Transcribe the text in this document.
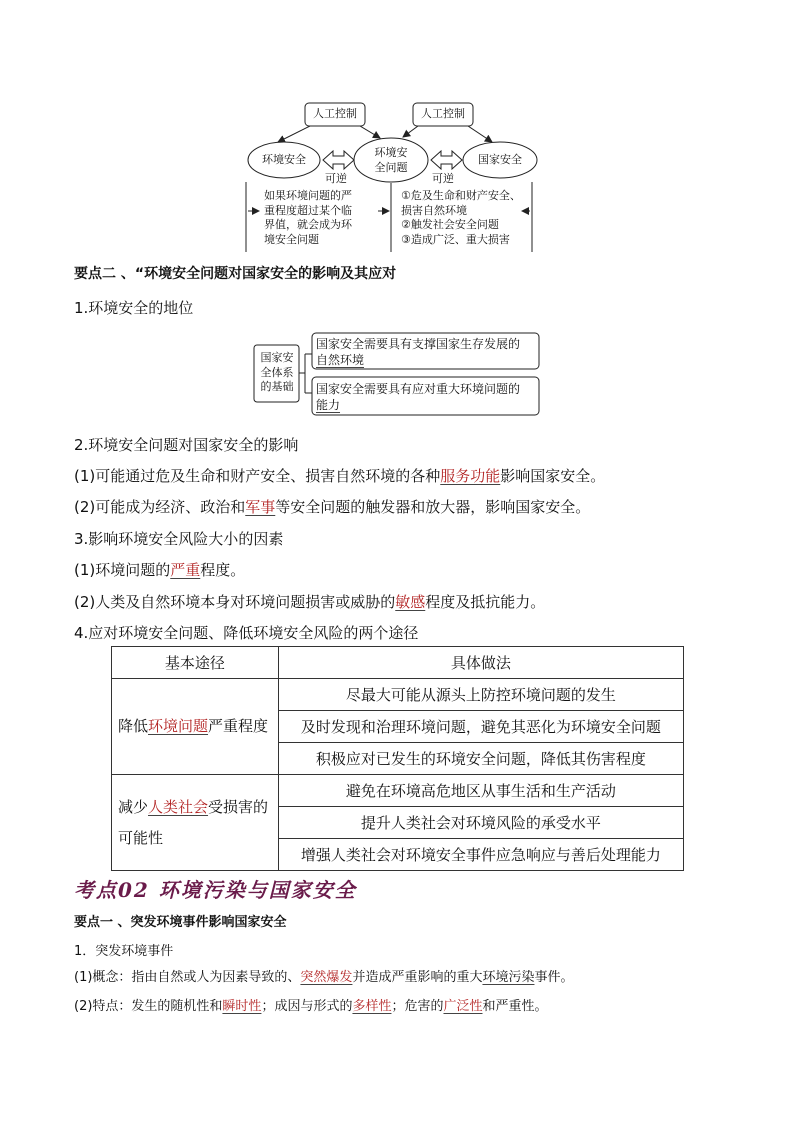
人工控制	人工控制
环境安全
环境安
全问题
国家安全
可逆	可逆
如果环境问题的严
重程度超过某个临
界值，就会成为环
境安全问题
①危及生命和财产安全、
损害自然环境
②触发社会安全问题
③造成广泛、重大损害
要点二 、“环境安全问题对国家安全的影响及其应对
1.环境安全的地位
国家安
全体系
的基础
国家安全需要具有支撑国家生存发展的
自然环境
国家安全需要具有应对重大环境问题的
能力
2.环境安全问题对国家安全的影响
(1)可能通过危及生命和财产安全、损害自然环境的各种服务功能影响国家安全。
(2)可能成为经济、政治和军事等安全问题的触发器和放大器，影响国家安全。
3.影响环境安全风险大小的因素
(1)环境问题的严重程度。
(2)人类及自然环境本身对环境问题损害或威胁的敏感程度及抵抗能力。
4.应对环境安全问题、降低环境安全风险的两个途径
基本途径	具体做法
降低环境问题严重程度	尽最大可能从源头上防控环境问题的发生
	及时发现和治理环境问题，避免其恶化为环境安全问题
	积极应对已发生的环境安全问题，降低其伤害程度
减少人类社会受损害的可能性	避免在环境高危地区从事生活和生产活动
	提升人类社会对环境风险的承受水平
	增强人类社会对环境安全事件应急响应与善后处理能力
考点02 环境污染与国家安全
要点一 、突发环境事件影响国家安全
1．突发环境事件
(1)概念：指由自然或人为因素导致的、突然爆发并造成严重影响的重大环境污染事件。
(2)特点：发生的随机性和瞬时性；成因与形式的多样性；危害的广泛性和严重性。
